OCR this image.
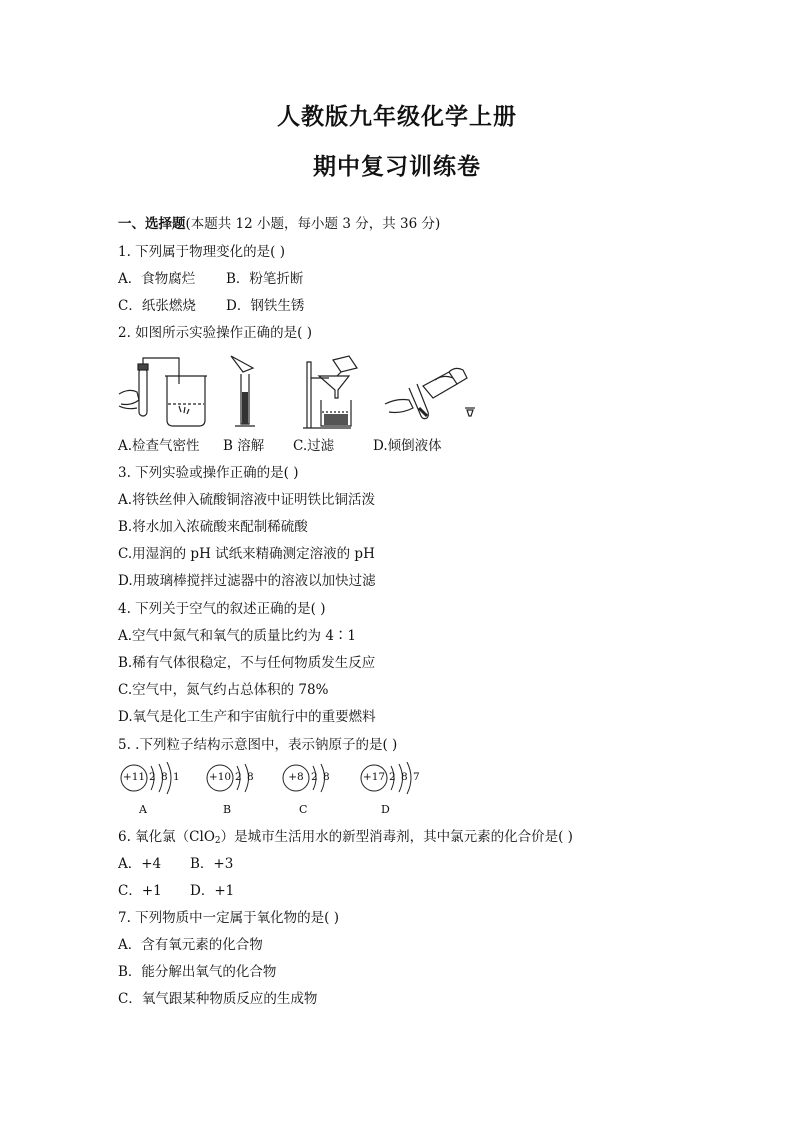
人教版九年级化学上册
期中复习训练卷
一、选择题(本题共 12 小题，每小题 3 分，共 36 分)
1. 下列属于物理变化的是( )
A．食物腐烂 B．粉笔折断
C．纸张燃烧 D．钢铁生锈
2. 如图所示实验操作正确的是( )
A.检查气密性 B 溶解 C.过滤	D.倾倒液体
3. 下列实验或操作正确的是( )
A.将铁丝伸入硫酸铜溶液中证明铁比铜活泼
B.将水加入浓硫酸来配制稀硫酸
C.用湿润的 pH 试纸来精确测定溶液的 pH
D.用玻璃棒搅拌过滤器中的溶液以加快过滤
4. 下列关于空气的叙述正确的是( )
A.空气中氮气和氧气的质量比约为 4∶1
B.稀有气体很稳定，不与任何物质发生反应
C.空气中，氮气约占总体积的 78%
D.氧气是化工生产和宇宙航行中的重要燃料
5. .下列粒子结构示意图中，表示钠原子的是( )
+11 2 8 1
A
+10 2 8
B
+8 2 8
C
+17 2 8 7
D
6. 氧化氯（ClO$_2$）是城市生活用水的新型消毒剂，其中氯元素的化合价是( )
A．+4 B．+3
C．+1 D．+1
7. 下列物质中一定属于氧化物的是( )
A．含有氧元素的化合物
B．能分解出氧气的化合物
C．氧气跟某种物质反应的生成物
